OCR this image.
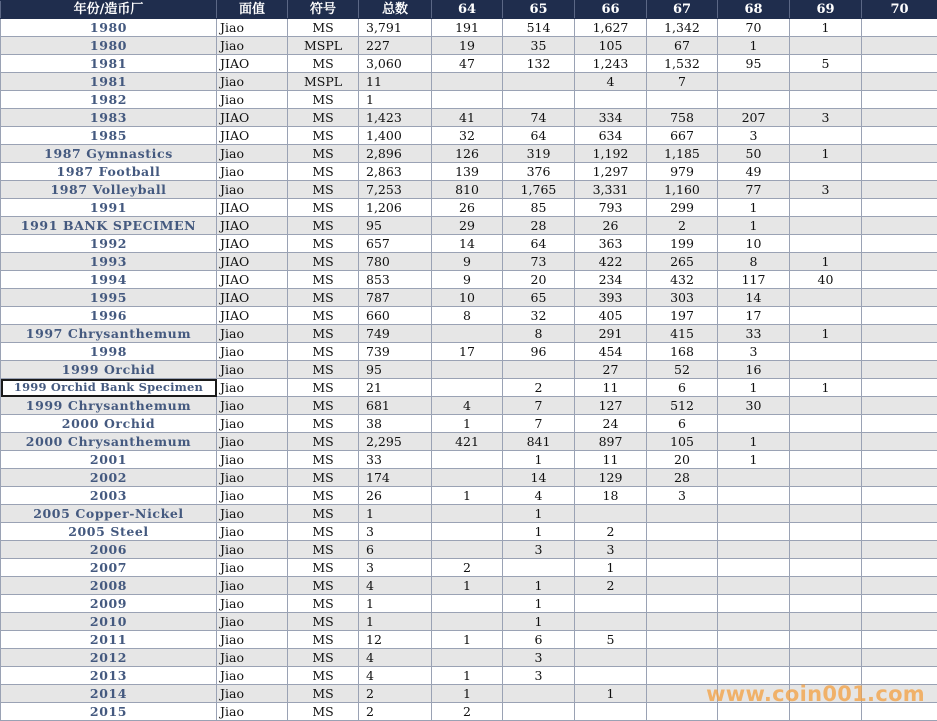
年份/造币厂	面值	符号	总数	64	65	66	67	68	69	70
1980	Jiao	MS	3,791	191	514	1,627	1,342	70	1	
1980	Jiao	MSPL	227	19	35	105	67	1		
1981	JIAO	MS	3,060	47	132	1,243	1,532	95	5	
1981	Jiao	MSPL	11			4	7			
1982	Jiao	MS	1							
1983	JIAO	MS	1,423	41	74	334	758	207	3	
1985	JIAO	MS	1,400	32	64	634	667	3		
1987 Gymnastics	Jiao	MS	2,896	126	319	1,192	1,185	50	1	
1987 Football	Jiao	MS	2,863	139	376	1,297	979	49		
1987 Volleyball	Jiao	MS	7,253	810	1,765	3,331	1,160	77	3	
1991	JIAO	MS	1,206	26	85	793	299	1		
1991 BANK SPECIMEN	JIAO	MS	95	29	28	26	2	1		
1992	JIAO	MS	657	14	64	363	199	10		
1993	JIAO	MS	780	9	73	422	265	8	1	
1994	JIAO	MS	853	9	20	234	432	117	40	
1995	JIAO	MS	787	10	65	393	303	14		
1996	JIAO	MS	660	8	32	405	197	17		
1997 Chrysanthemum	Jiao	MS	749		8	291	415	33	1	
1998	Jiao	MS	739	17	96	454	168	3		
1999 Orchid	Jiao	MS	95			27	52	16		
1999 Orchid Bank Specimen	Jiao	MS	21		2	11	6	1	1	
1999 Chrysanthemum	Jiao	MS	681	4	7	127	512	30		
2000 Orchid	Jiao	MS	38	1	7	24	6			
2000 Chrysanthemum	Jiao	MS	2,295	421	841	897	105	1		
2001	Jiao	MS	33		1	11	20	1		
2002	Jiao	MS	174		14	129	28			
2003	Jiao	MS	26	1	4	18	3			
2005 Copper-Nickel	Jiao	MS	1		1					
2005 Steel	Jiao	MS	3		1	2				
2006	Jiao	MS	6		3	3				
2007	Jiao	MS	3	2		1				
2008	Jiao	MS	4	1	1	2				
2009	Jiao	MS	1		1					
2010	Jiao	MS	1		1					
2011	Jiao	MS	12	1	6	5				
2012	Jiao	MS	4		3					
2013	Jiao	MS	4	1	3					
2014	Jiao	MS	2	1		1				
2015	Jiao	MS	2	2						
www.coin001.com
